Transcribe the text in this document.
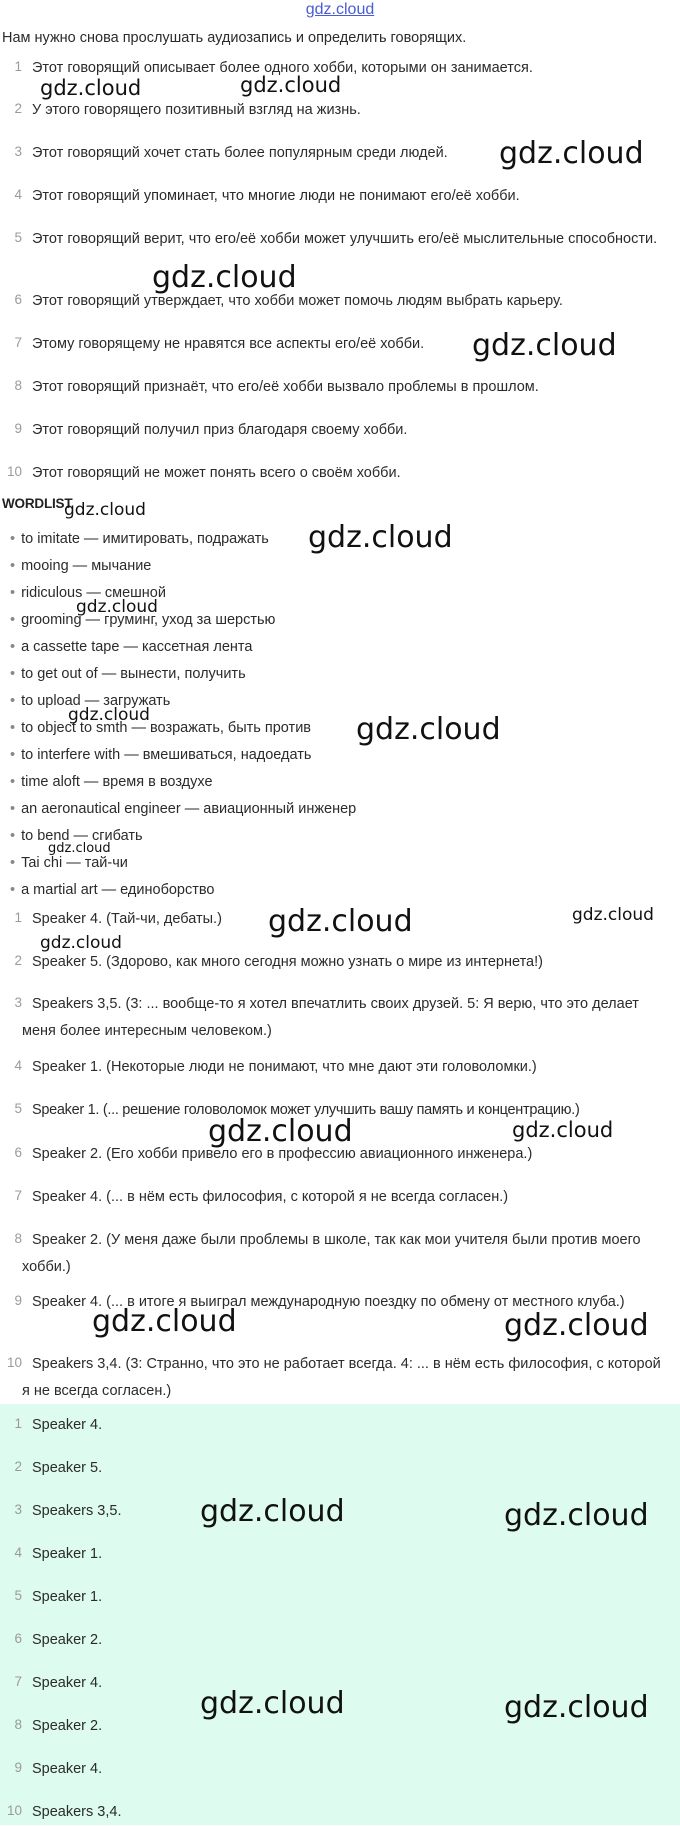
gdz.cloud
Нам нужно снова прослушать аудиозапись и определить говорящих.
1 Этот говорящий описывает более одного хобби, которыми он занимается.
2 У этого говорящего позитивный взгляд на жизнь.
3 Этот говорящий хочет стать более популярным среди людей.
4 Этот говорящий упоминает, что многие люди не понимают его/её хобби.
5 Этот говорящий верит, что его/её хобби может улучшить его/её мыслительные способности.
6 Этот говорящий утверждает, что хобби может помочь людям выбрать карьеру.
7 Этому говорящему не нравятся все аспекты его/её хобби.
8 Этот говорящий признаёт, что его/её хобби вызвало проблемы в прошлом.
9 Этот говорящий получил приз благодаря своему хобби.
10 Этот говорящий не может понять всего о своём хобби.
WORDLIST
• to imitate — имитировать, подражать
• mooing — мычание
• ridiculous — смешной
• grooming — груминг, уход за шерстью
• a cassette tape — кассетная лента
• to get out of — вынести, получить
• to upload — загружать
• to object to smth — возражать, быть против
• to interfere with — вмешиваться, надоедать
• time aloft — время в воздухе
• an aeronautical engineer — авиационный инженер
• to bend — сгибать
• Tai chi — тай-чи
• a martial art — единоборство
1 Speaker 4. (Тай-чи, дебаты.)
2 Speaker 5. (Здорово, как много сегодня можно узнать о мире из интернета!)
3 Speakers 3,5. (3: ... вообще-то я хотел впечатлить своих друзей. 5: Я верю, что это делает меня более интересным человеком.)
4 Speaker 1. (Некоторые люди не понимают, что мне дают эти головоломки.)
5 Speaker 1. (... решение головоломок может улучшить вашу память и концентрацию.)
6 Speaker 2. (Его хобби привело его в профессию авиационного инженера.)
7 Speaker 4. (... в нём есть философия, с которой я не всегда согласен.)
8 Speaker 2. (У меня даже были проблемы в школе, так как мои учителя были против моего хобби.)
9 Speaker 4. (... в итоге я выиграл международную поездку по обмену от местного клуба.)
10 Speakers 3,4. (3: Странно, что это не работает всегда. 4: ... в нём есть философия, с которой я не всегда согласен.)
1 Speaker 4.
2 Speaker 5.
3 Speakers 3,5.
4 Speaker 1.
5 Speaker 1.
6 Speaker 2.
7 Speaker 4.
8 Speaker 2.
9 Speaker 4.
10 Speakers 3,4.
gdz.cloud	gdz.cloud
gdz.cloud
gdz.cloud
gdz.cloud
gdz.cloud
gdz.cloud
gdz.cloud
gdz.cloud	gdz.cloud
gdz.cloud
gdz.cloud	gdz.cloud
gdz.cloud
gdz.cloud	gdz.cloud
gdz.cloud	gdz.cloud
gdz.cloud	gdz.cloud
gdz.cloud	gdz.cloud
